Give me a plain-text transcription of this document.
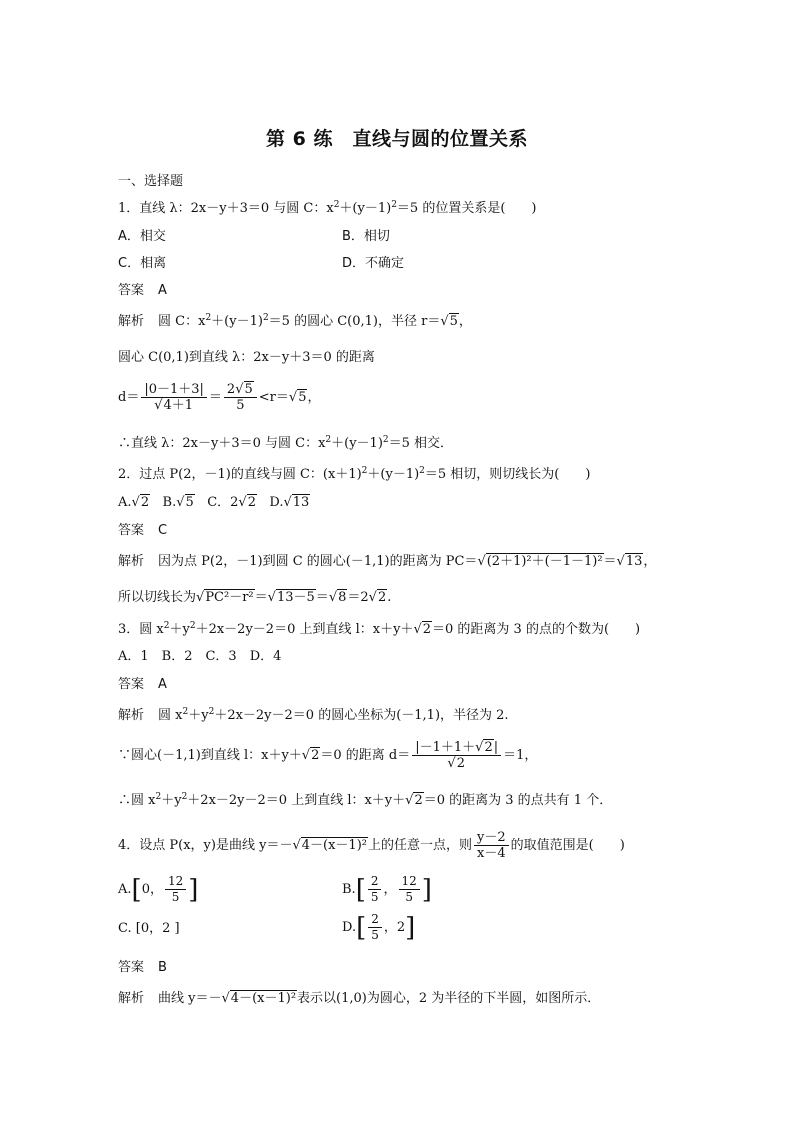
第 6 练　直线与圆的位置关系
一、选择题
1．直线 λ：2x－y＋3＝0 与圆 C：$x^2+(y-1)^2=5$ 的位置关系是(　　)
A．相交	B．相切
C．相离	D．不确定
答案 A
解析 圆 C：$x^2+(y-1)^2=5$ 的圆心 C(0,1)，半径 r＝√5，
圆心 C(0,1)到直线 λ：2x－y＋3＝0 的距离
$d= \frac{|0-1+3|}{√4+1} = \frac{2√5}{5} <r=√5$，
∴直线 λ：2x－y＋3＝0 与圆 C：$x^2+(y-1)^2=5$ 相交．
2．过点 P(2，－1)的直线与圆 C：$(x+1)^2+(y-1)^2=5$ 相切，则切线长为(　　)
A.√2 B.√5 C．2√2 D.√13
答案 C
解析 因为点 P(2，－1)到圆 C 的圆心(－1,1)的距离为 PC＝√(2＋1)²＋(－1－1)²＝√13，
所以切线长为√PC²－r²＝√13－5＝√8＝2√2.
3．圆 $x^2+y^2+2x-2y-2=0$ 上到直线 l：x＋y＋√2＝0 的距离为 3 的点的个数为(　　)
A．1　B．2　C．3　D．4
答案 A
解析 圆 $x^2+y^2+2x-2y-2=0$ 的圆心坐标为(－1,1)，半径为 2.
∵圆心(－1,1)到直线 l：x＋y＋√2＝0 的距离 $d= \frac{|-1+1+√2|}{√2} =1$，
∴圆 $x^2+y^2+2x-2y-2=0$ 上到直线 l：x＋y＋√2＝0 的距离为 3 的点共有 1 个．
4．设点 P(x，y)是曲线 y＝－√4－(x－1)²上的任意一点，则 $\frac{y-2}{x-4}$ 的取值范围是(　　)
A.[0， $\frac{12}{5}$ ]	$B.[ \frac{2}{5}$ ， $\frac{12}{5}$ ]
C. [0，2 ]	$D.[ \frac{2}{5}$ ，2]
答案 B
解析 曲线 y＝－√4－(x－1)²表示以(1,0)为圆心，2 为半径的下半圆，如图所示．
